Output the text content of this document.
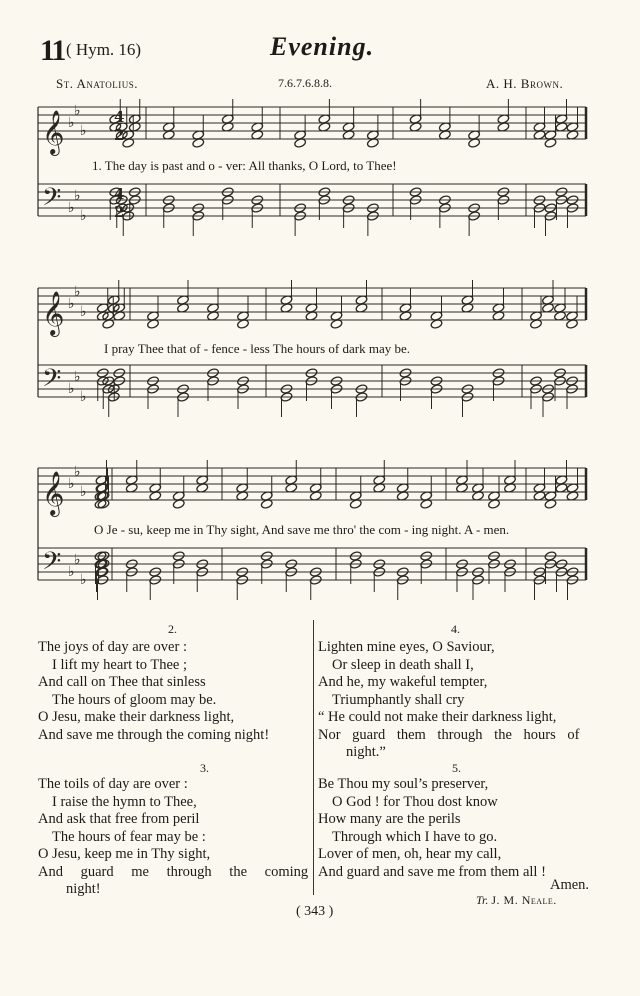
11 ( Hym. 16)	Evening.
St. Anatolius.	7.6.7.6.8.8.	A. H. Brown.
𝄞
𝄢
♭
♭
♭
♭
♭
♭
4
2
4
2
𝄞
𝄢
♭
♭
♭
♭
♭
♭
𝄞
𝄢
♭
♭
♭
♭
♭
♭
1. The day is past and o - ver: All thanks, O Lord, to Thee!
I pray Thee that of - fence - less The hours of dark may be.
O Je - su, keep me in Thy sight, And save me thro' the com - ing night. A - men.
2.
The joys of day are over :
I lift my heart to Thee ;
And call on Thee that sinless
The hours of gloom may be.
O Jesu, make their darkness light,
And save me through the coming night!
3.
The toils of day are over :
I raise the hymn to Thee,
And ask that free from peril
The hours of fear may be :
O Jesu, keep me in Thy sight,
And guard me through the coming
night!
4.
Lighten mine eyes, O Saviour,
Or sleep in death shall I,
And he, my wakeful tempter,
Triumphantly shall cry
“ He could not make their darkness light,
Nor guard them through the hours of
night.”
5.
Be Thou my soul’s preserver,
O God ! for Thou dost know
How many are the perils
Through which I have to go.
Lover of men, oh, hear my call,
And guard and save me from them all !
Amen.
Tr. J. M. Neale.
( 343 )
